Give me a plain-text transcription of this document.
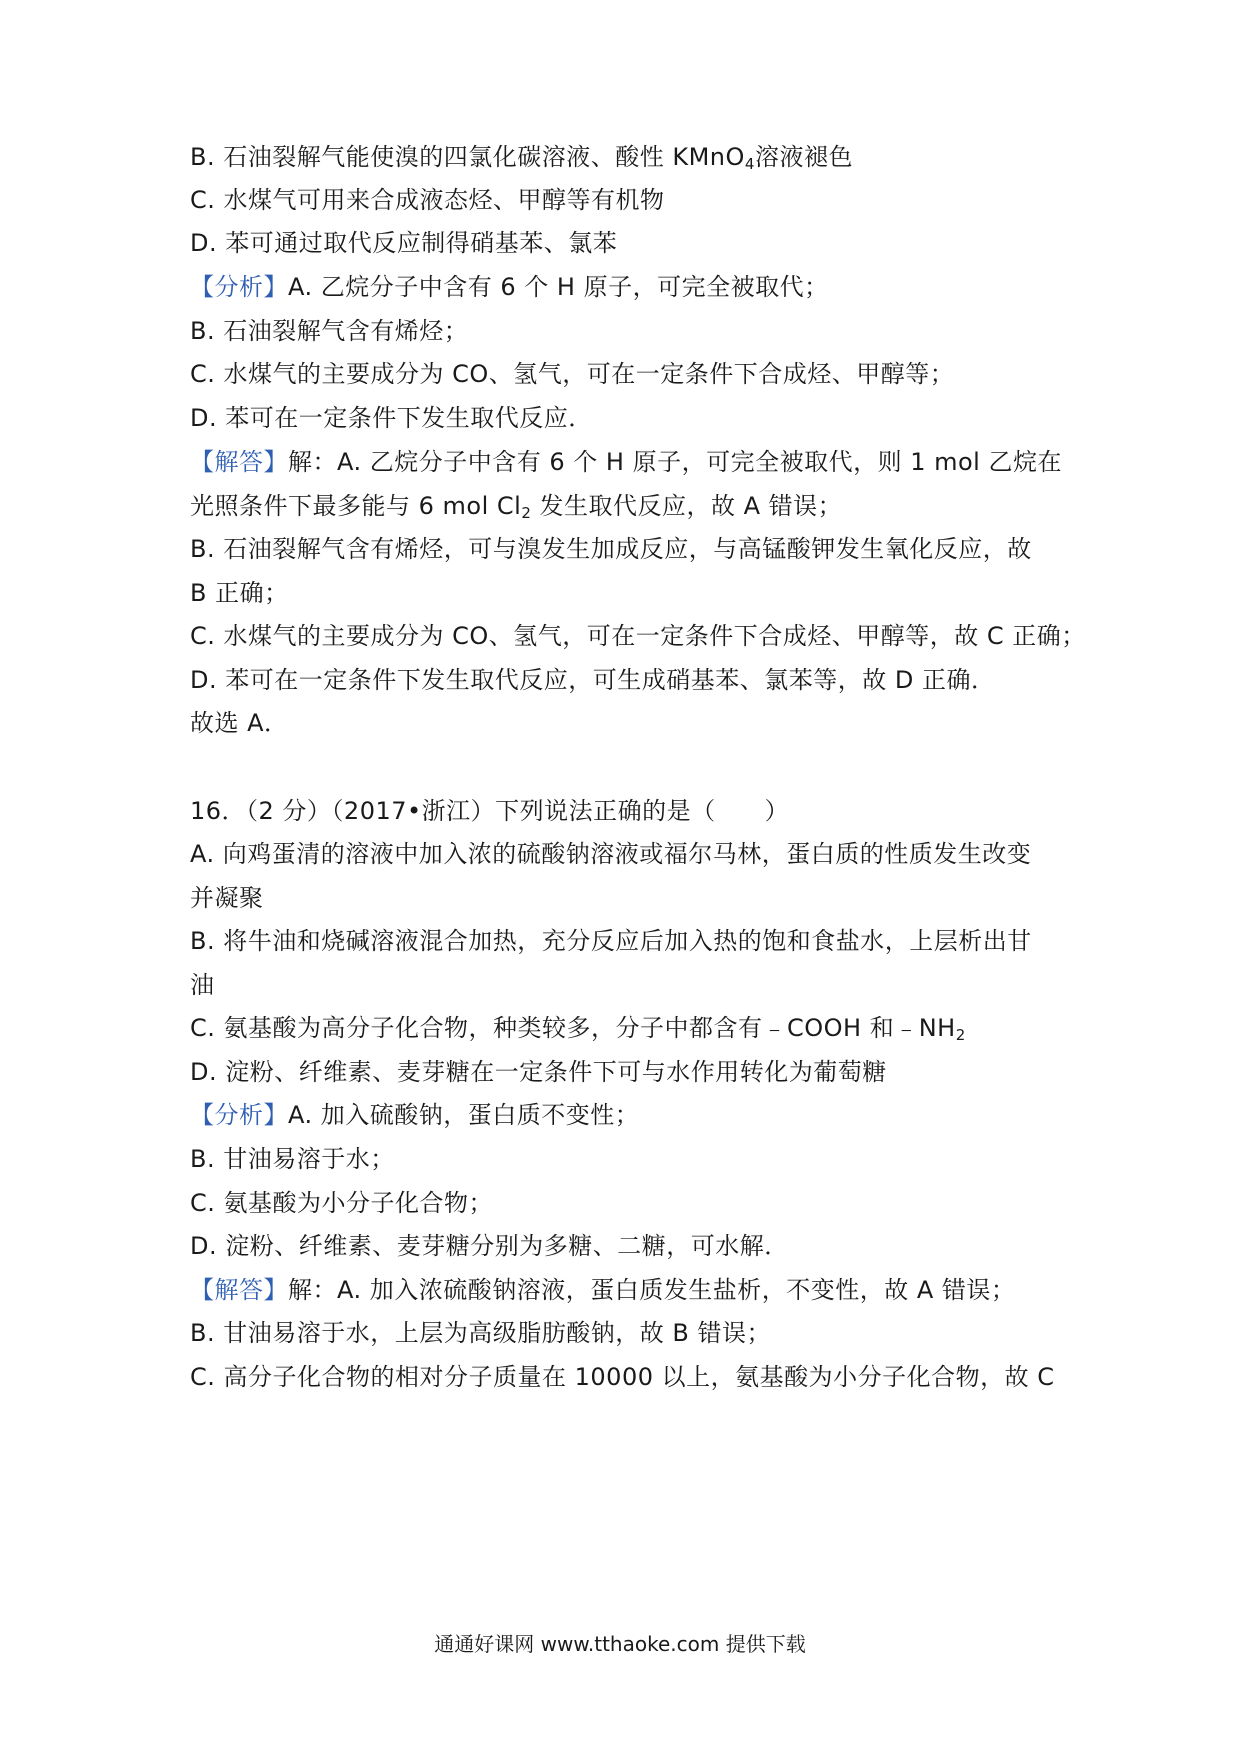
B. 石油裂解气能使溴的四氯化碳溶液、酸性 KMnO$_4$溶液褪色
C. 水煤气可用来合成液态烃、甲醇等有机物
D. 苯可通过取代反应制得硝基苯、氯苯
【分析】A. 乙烷分子中含有 6 个 H 原子，可完全被取代；
B. 石油裂解气含有烯烃；
C. 水煤气的主要成分为 CO、氢气，可在一定条件下合成烃、甲醇等；
D. 苯可在一定条件下发生取代反应．
【解答】解：A. 乙烷分子中含有 6 个 H 原子，可完全被取代，则 1 mol 乙烷在
光照条件下最多能与 6 mol $Cl_2$ 发生取代反应，故 A 错误；
B. 石油裂解气含有烯烃，可与溴发生加成反应，与高锰酸钾发生氧化反应，故
B 正确；
C. 水煤气的主要成分为 CO、氢气，可在一定条件下合成烃、甲醇等，故 C 正确；
D. 苯可在一定条件下发生取代反应，可生成硝基苯、氯苯等，故 D 正确．
故选 A．
16．（2 分）（2017•浙江）下列说法正确的是（　　）
A. 向鸡蛋清的溶液中加入浓的硫酸钠溶液或福尔马林，蛋白质的性质发生改变
并凝聚
B. 将牛油和烧碱溶液混合加热，充分反应后加入热的饱和食盐水，上层析出甘
油
C. 氨基酸为高分子化合物，种类较多，分子中都含有﹣COOH 和$﹣NH_2$
D. 淀粉、纤维素、麦芽糖在一定条件下可与水作用转化为葡萄糖
【分析】A. 加入硫酸钠，蛋白质不变性；
B. 甘油易溶于水；
C. 氨基酸为小分子化合物；
D. 淀粉、纤维素、麦芽糖分别为多糖、二糖，可水解．
【解答】解：A. 加入浓硫酸钠溶液，蛋白质发生盐析，不变性，故 A 错误；
B. 甘油易溶于水，上层为高级脂肪酸钠，故 B 错误；
C. 高分子化合物的相对分子质量在 10000 以上，氨基酸为小分子化合物，故 C
通通好课网 www.tthaoke.com 提供下载
